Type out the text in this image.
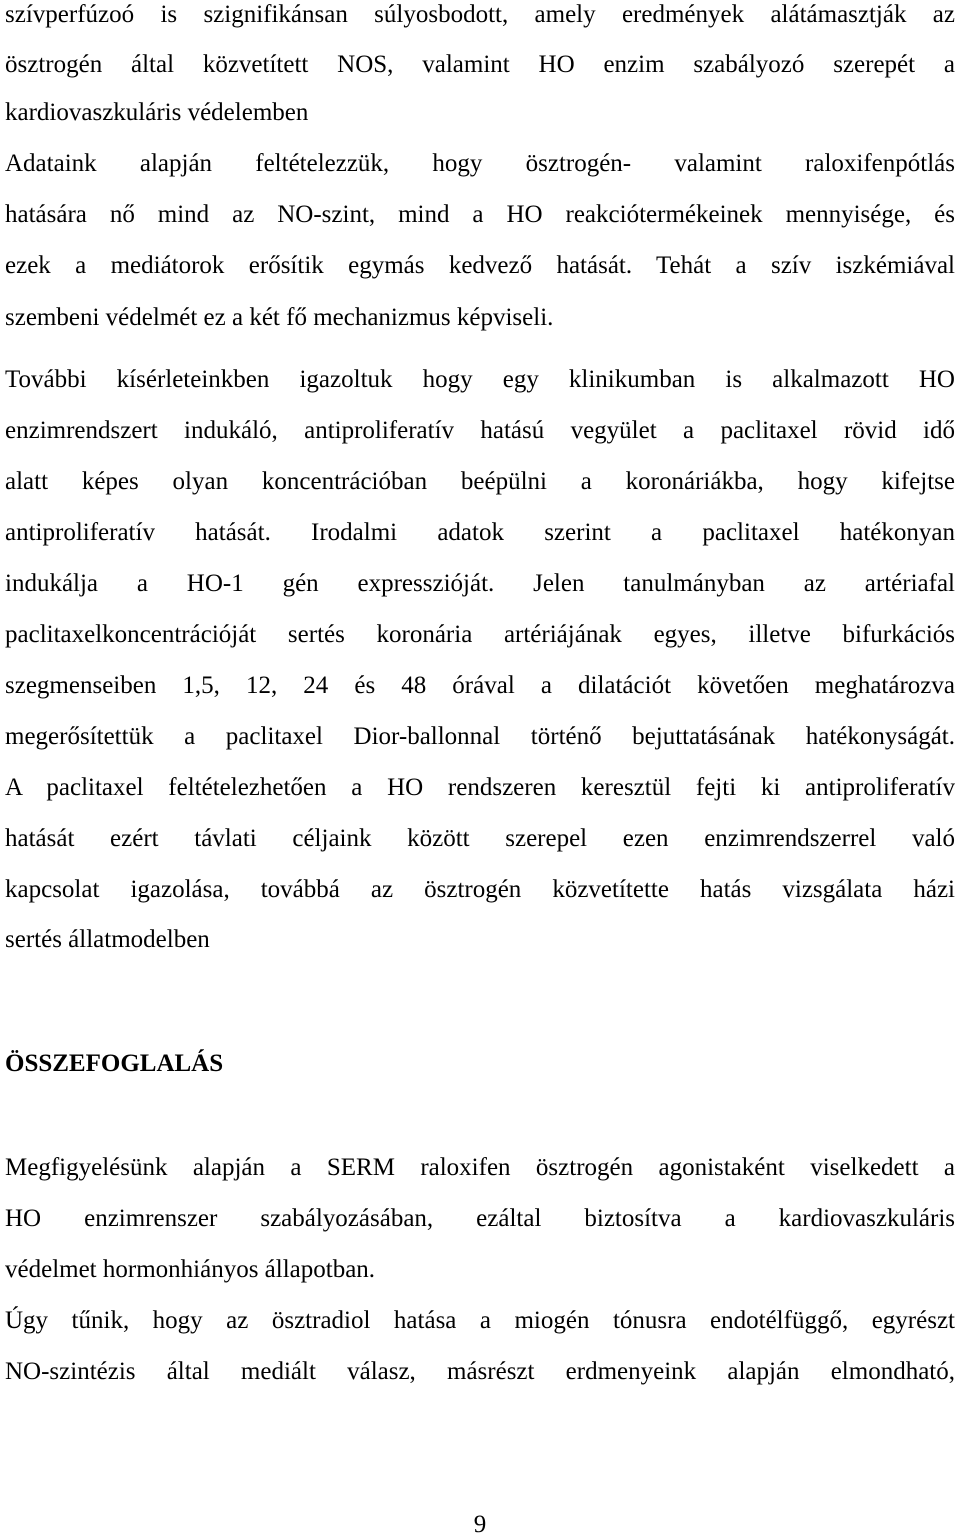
szívperfúzoó is szignifikánsan súlyosbodott, amely eredmények alátámasztják az
ösztrogén által közvetített NOS, valamint HO enzim szabályozó szerepét a
kardiovaszkuláris védelemben
Adataink alapján feltételezzük, hogy ösztrogén- valamint raloxifenpótlás
hatására nő mind az NO-szint, mind a HO reakciótermékeinek mennyisége, és
ezek a mediátorok erősítik egymás kedvező hatását. Tehát a szív iszkémiával
szembeni védelmét ez a két fő mechanizmus képviseli.
További kísérleteinkben igazoltuk hogy egy klinikumban is alkalmazott HO
enzimrendszert indukáló, antiproliferatív hatású vegyület a paclitaxel rövid idő
alatt képes olyan koncentrációban beépülni a koronáriákba, hogy kifejtse
antiproliferatív hatását. Irodalmi adatok szerint a paclitaxel hatékonyan
indukálja a HO-1 gén expresszióját. Jelen tanulmányban az artériafal
paclitaxelkoncentrációját sertés koronária artériájának egyes, illetve bifurkációs
szegmenseiben 1,5, 12, 24 és 48 órával a dilatációt követően meghatározva
megerősítettük a paclitaxel Dior-ballonnal történő bejuttatásának hatékonyságát.
A paclitaxel feltételezhetően a HO rendszeren keresztül fejti ki antiproliferatív
hatását ezért távlati céljaink között szerepel ezen enzimrendszerrel való
kapcsolat igazolása, továbbá az ösztrogén közvetítette hatás vizsgálata házi
sertés állatmodelben
ÖSSZEFOGLALÁS
Megfigyelésünk alapján a SERM raloxifen ösztrogén agonistaként viselkedett a
HO enzimrenszer szabályozásában, ezáltal biztosítva a kardiovaszkuláris
védelmet hormonhiányos állapotban.
Úgy tűnik, hogy az ösztradiol hatása a miogén tónusra endotélfüggő, egyrészt
NO-szintézis által mediált válasz, másrészt erdmenyeink alapján elmondható,
9
